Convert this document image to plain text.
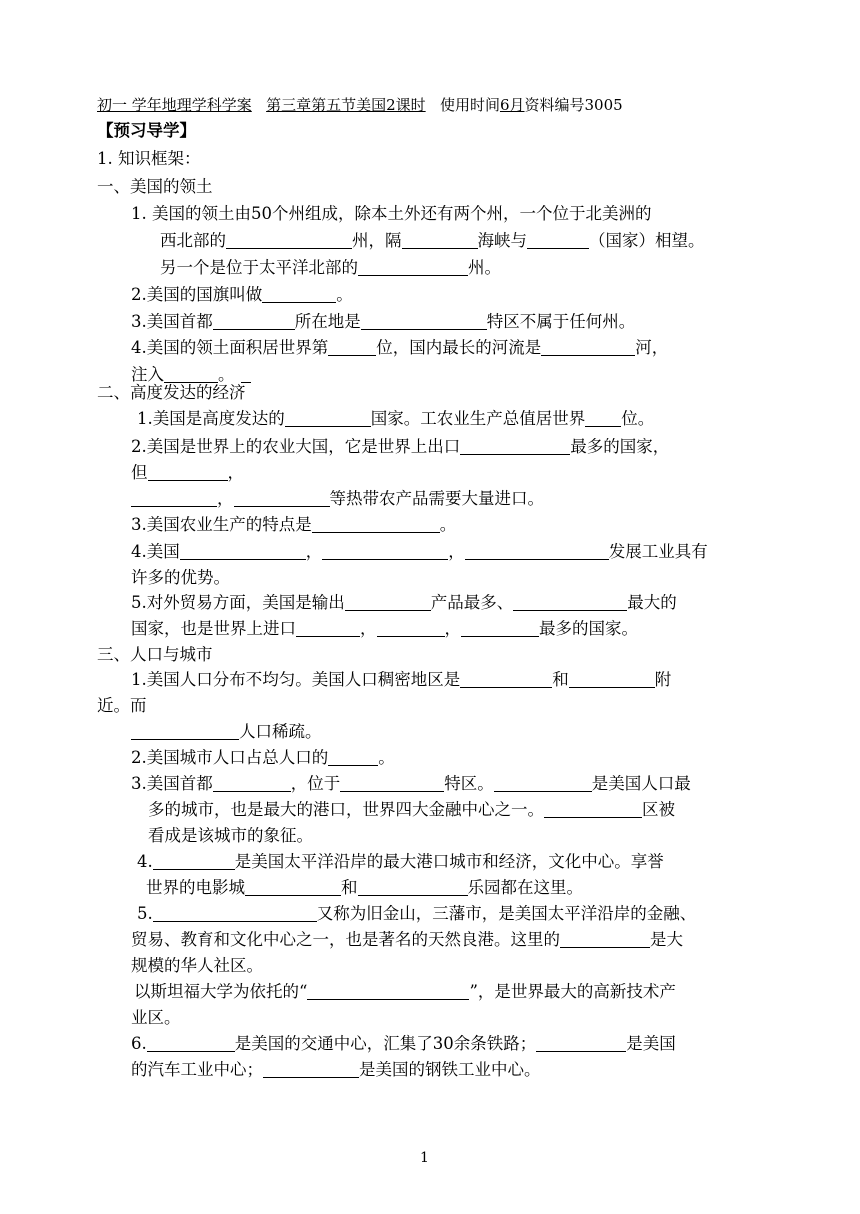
初一 学年地理学科学案 第三章第五节美国2课时 使用时间6月资料编号3005
【预习导学】
1. 知识框架：
一、美国的领土
1. 美国的领土由50个州组成，除本土外还有两个州，一个位于北美洲的
西北部的	州，隔	海峡与	（国家）相望。
另一个是位于太平洋北部的	州。
2.美国的国旗叫做	。
3.美国首都	所在地是	特区不属于任何州。
4.美国的领土面积居世界第	位，国内最长的河流是	河，
注入	。
二、高度发达的经济
1.美国是高度发达的	国家。工农业生产总值居世界 位。
2.美国是世界上的农业大国，它是世界上出口	最多的国家，
但	，
，	等热带农产品需要大量进口。
3.美国农业生产的特点是	。
4.美国	，	，	发展工业具有
许多的优势。
5.对外贸易方面，美国是输出	产品最多、	最大的
国家，也是世界上进口	，	，	最多的国家。
三、人口与城市
1.美国人口分布不均匀。美国人口稠密地区是	和	附
近。而
人口稀疏。
2.美国城市人口占总人口的	。
3.美国首都	，位于	特区。	是美国人口最
多的城市，也是最大的港口，世界四大金融中心之一。	区被
看成是该城市的象征。
4.	是美国太平洋沿岸的最大港口城市和经济，文化中心。享誉
世界的电影城	和	乐园都在这里。
5.	又称为旧金山，三藩市，是美国太平洋沿岸的金融、
贸易、教育和文化中心之一，也是著名的天然良港。这里的	是大
规模的华人社区。
以斯坦福大学为依托的“	”，是世界最大的高新技术产
业区。
6.	是美国的交通中心，汇集了30余条铁路；	是美国
的汽车工业中心；	是美国的钢铁工业中心。
1
